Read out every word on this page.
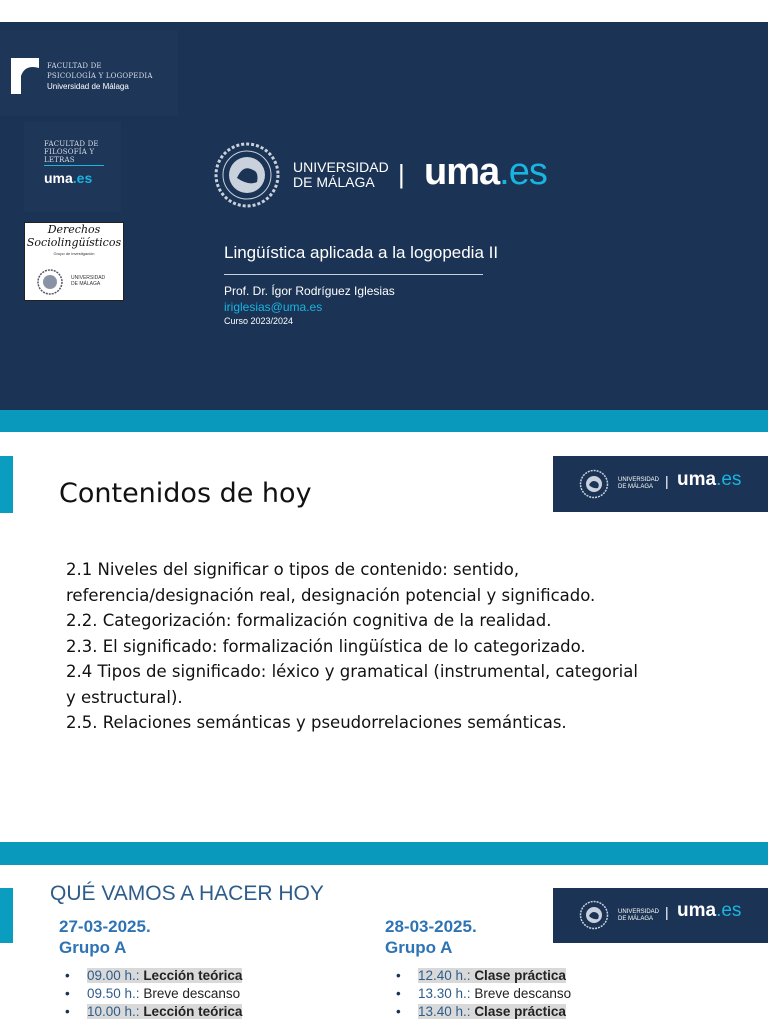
FACULTAD DE
PSICOLOGÍA Y LOGOPEDIA
Universidad de Málaga
FACULTAD DE
FILOSOFÍA Y
LETRAS
uma.es
Derechos
Sociolingüísticos
Grupo de investigación
UNIVERSIDAD
DE MÁLAGA
UNIVERSIDAD
DE MÁLAGA | uma.es
Lingüística aplicada a la logopedia II
Prof. Dr. Ígor Rodríguez Iglesias
iriglesias@uma.es
Curso 2023/2024
Contenidos de hoy	UNIVERSIDAD
DE MÁLAGA | uma.es
2.1 Niveles del significar o tipos de contenido: sentido,
referencia/designación real, designación potencial y significado.
2.2. Categorización: formalización cognitiva de la realidad.
2.3. El significado: formalización lingüística de lo categorizado.
2.4 Tipos de significado: léxico y gramatical (instrumental, categorial
y estructural).
2.5. Relaciones semánticas y pseudorrelaciones semánticas.
QUÉ VAMOS A HACER HOY
UNIVERSIDAD
DE MÁLAGA | uma.es
27-03-2025.
Grupo A
• 09.00 h.: Lección teórica
• 09.50 h.: Breve descanso
• 10.00 h.: Lección teórica
28-03-2025.
Grupo A
• 12.40 h.: Clase práctica
• 13.30 h.: Breve descanso
• 13.40 h.: Clase práctica
